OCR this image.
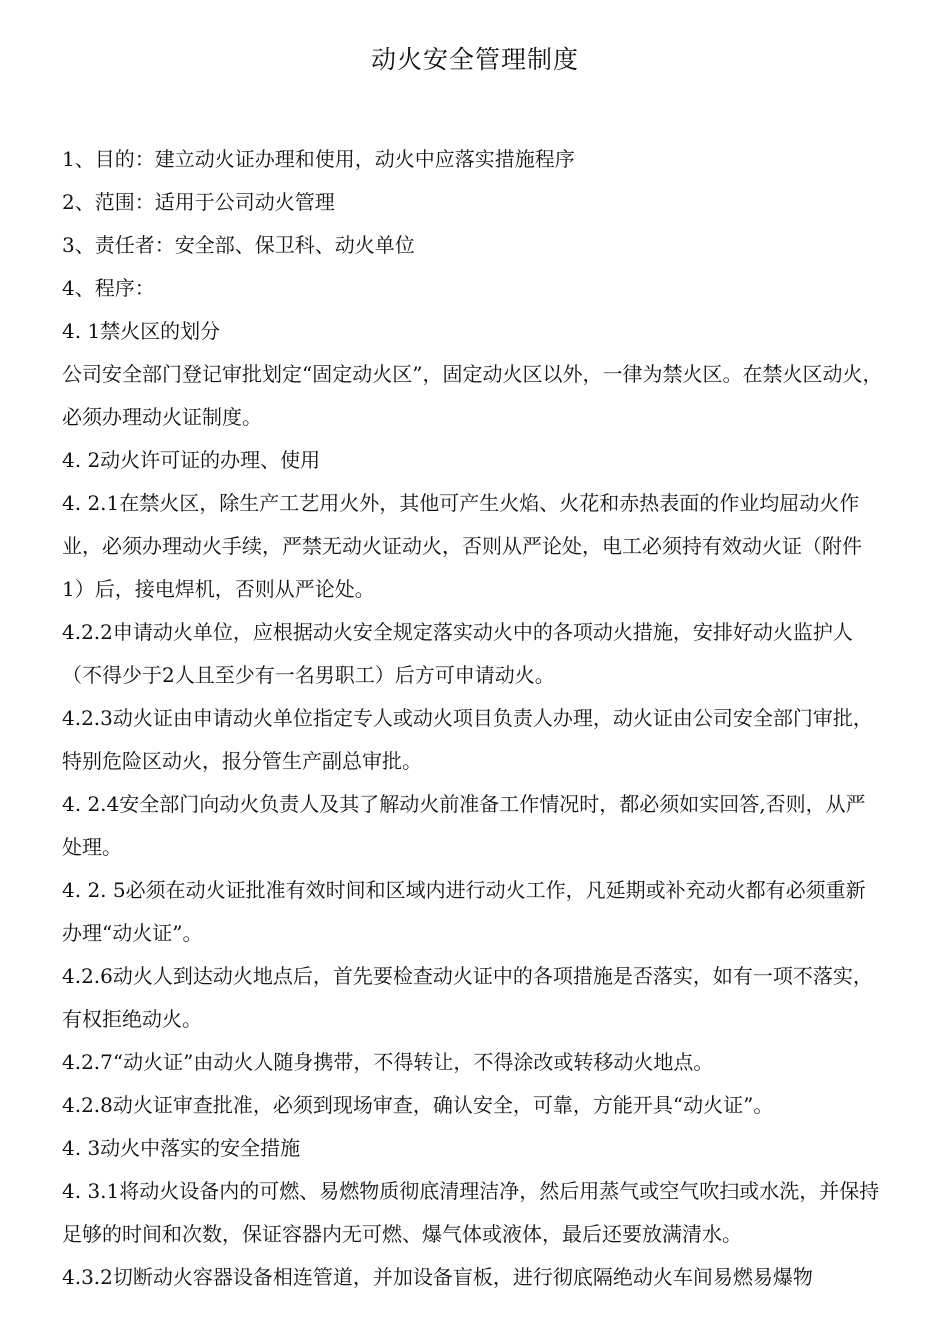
动火安全管理制度

1、目的：建立动火证办理和使用，动火中应落实措施程序

2、范围：适用于公司动火管理

3、责任者：安全部、保卫科、动火单位

4、程序：

4. 1禁火区的划分

公司安全部门登记审批划定“固定动火区”，固定动火区以外，一律为禁火区。在禁火区动火，必须办理动火证制度。

4. 2动火许可证的办理、使用

4. 2.1在禁火区，除生产工艺用火外，其他可产生火焰、火花和赤热表面的作业均屈动火作业，必须办理动火手续，严禁无动火证动火，否则从严论处，电工必须持有效动火证（附件1）后，接电焊机，否则从严论处。

4.2.2申请动火单位，应根据动火安全规定落实动火中的各项动火措施，安排好动火监护人（不得少于2人且至少有一名男职工）后方可申请动火。

4.2.3动火证由申请动火单位指定专人或动火项目负责人办理，动火证由公司安全部门审批，特别危险区动火，报分管生产副总审批。

4. 2.4安全部门向动火负责人及其了解动火前准备工作情况时，都必须如实回答,否则，从严处理。

4. 2. 5必须在动火证批准有效时间和区域内进行动火工作，凡延期或补充动火都有必须重新办理“动火证”。

4.2.6动火人到达动火地点后，首先要检查动火证中的各项措施是否落实，如有一项不落实，有权拒绝动火。

4.2.7“动火证”由动火人随身携带，不得转让，不得涂改或转移动火地点。

4.2.8动火证审查批准，必须到现场审查，确认安全，可靠，方能开具“动火证”。

4. 3动火中落实的安全措施

4. 3.1将动火设备内的可燃、易燃物质彻底清理洁净，然后用蒸气或空气吹扫或水洗，并保持足够的时间和次数，保证容器内无可燃、爆气体或液体，最后还要放满清水。

4.3.2切断动火容器设备相连管道，并加设备盲板，进行彻底隔绝动火车间易燃易爆物
